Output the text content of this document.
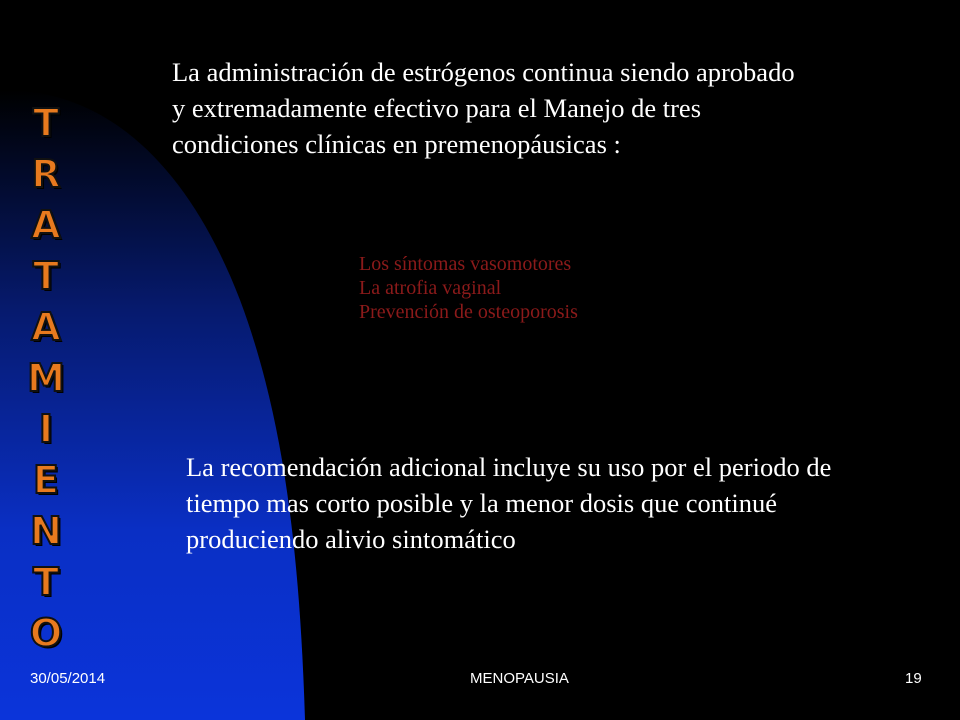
T
R
A
T
A
M
I
E
N
T
O

La administración de estrógenos continua siendo aprobado y extremadamente efectivo para el Manejo de tres condiciones clínicas en premenopáusicas :

Los síntomas vasomotores
La atrofia vaginal
Prevención de osteoporosis

La recomendación adicional incluye su uso por el periodo de tiempo mas corto posible y la menor dosis que continué produciendo alivio sintomático

30/05/2014	MENOPAUSIA	19
